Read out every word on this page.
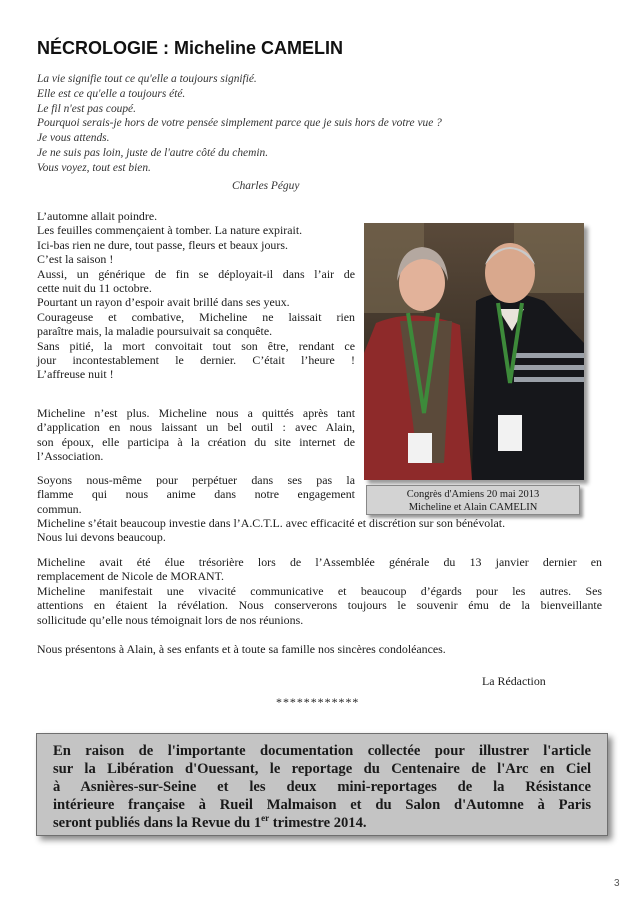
NÉCROLOGIE : Micheline CAMELIN
La vie signifie tout ce qu'elle a toujours signifié.
Elle est ce qu'elle a toujours été.
Le fil n'est pas coupé.
Pourquoi serais-je hors de votre pensée simplement parce que je suis hors de votre vue ?
Je vous attends.
Je ne suis pas loin, juste de l'autre côté du chemin.
Vous voyez, tout est bien.
Charles Péguy
L’automne allait poindre.
Les feuilles commençaient à tomber. La nature expirait.
Ici-bas rien ne dure, tout passe, fleurs et beaux jours.
C’est la saison !
Aussi, un générique de fin se déployait-il dans l’air de
cette nuit du 11 octobre.
Pourtant un rayon d’espoir avait brillé dans ses yeux.
Courageuse et combative, Micheline ne laissait rien
paraître mais, la maladie poursuivait sa conquête.
Sans pitié, la mort convoitait tout son être, rendant ce
jour incontestablement le dernier. C’était l’heure !
L’affreuse nuit !
Micheline n’est plus. Micheline nous a quittés après tant
d’application en nous laissant un bel outil : avec Alain,
son époux, elle participa à la création du site internet de
l’Association.
Soyons nous-même pour perpétuer dans ses pas la
flamme qui nous anime dans notre engagement
commun.
Micheline s’était beaucoup investie dans l’A.C.T.L. avec efficacité et discrétion sur son bénévolat.
Nous lui devons beaucoup.
Micheline avait été élue trésorière lors de l’Assemblée générale du 13 janvier dernier en
remplacement de Nicole de MORANT.
Micheline manifestait une vivacité communicative et beaucoup d’égards pour les autres. Ses
attentions en étaient la révélation. Nous conserverons toujours le souvenir ému de la bienveillante
sollicitude qu’elle nous témoignait lors de nos réunions.
Nous présentons à Alain, à ses enfants et à toute sa famille nos sincères condoléances.
Congrès d'Amiens 20 mai 2013
Micheline et Alain CAMELIN
La Rédaction
************
En raison de l'importante documentation collectée pour illustrer l'article
sur la Libération d'Ouessant, le reportage du Centenaire de l'Arc en Ciel
à Asnières-sur-Seine et les deux mini-reportages de la Résistance
intérieure française à Rueil Malmaison et du Salon d'Automne à Paris
seront publiés dans la Revue du 1er trimestre 2014.
3
